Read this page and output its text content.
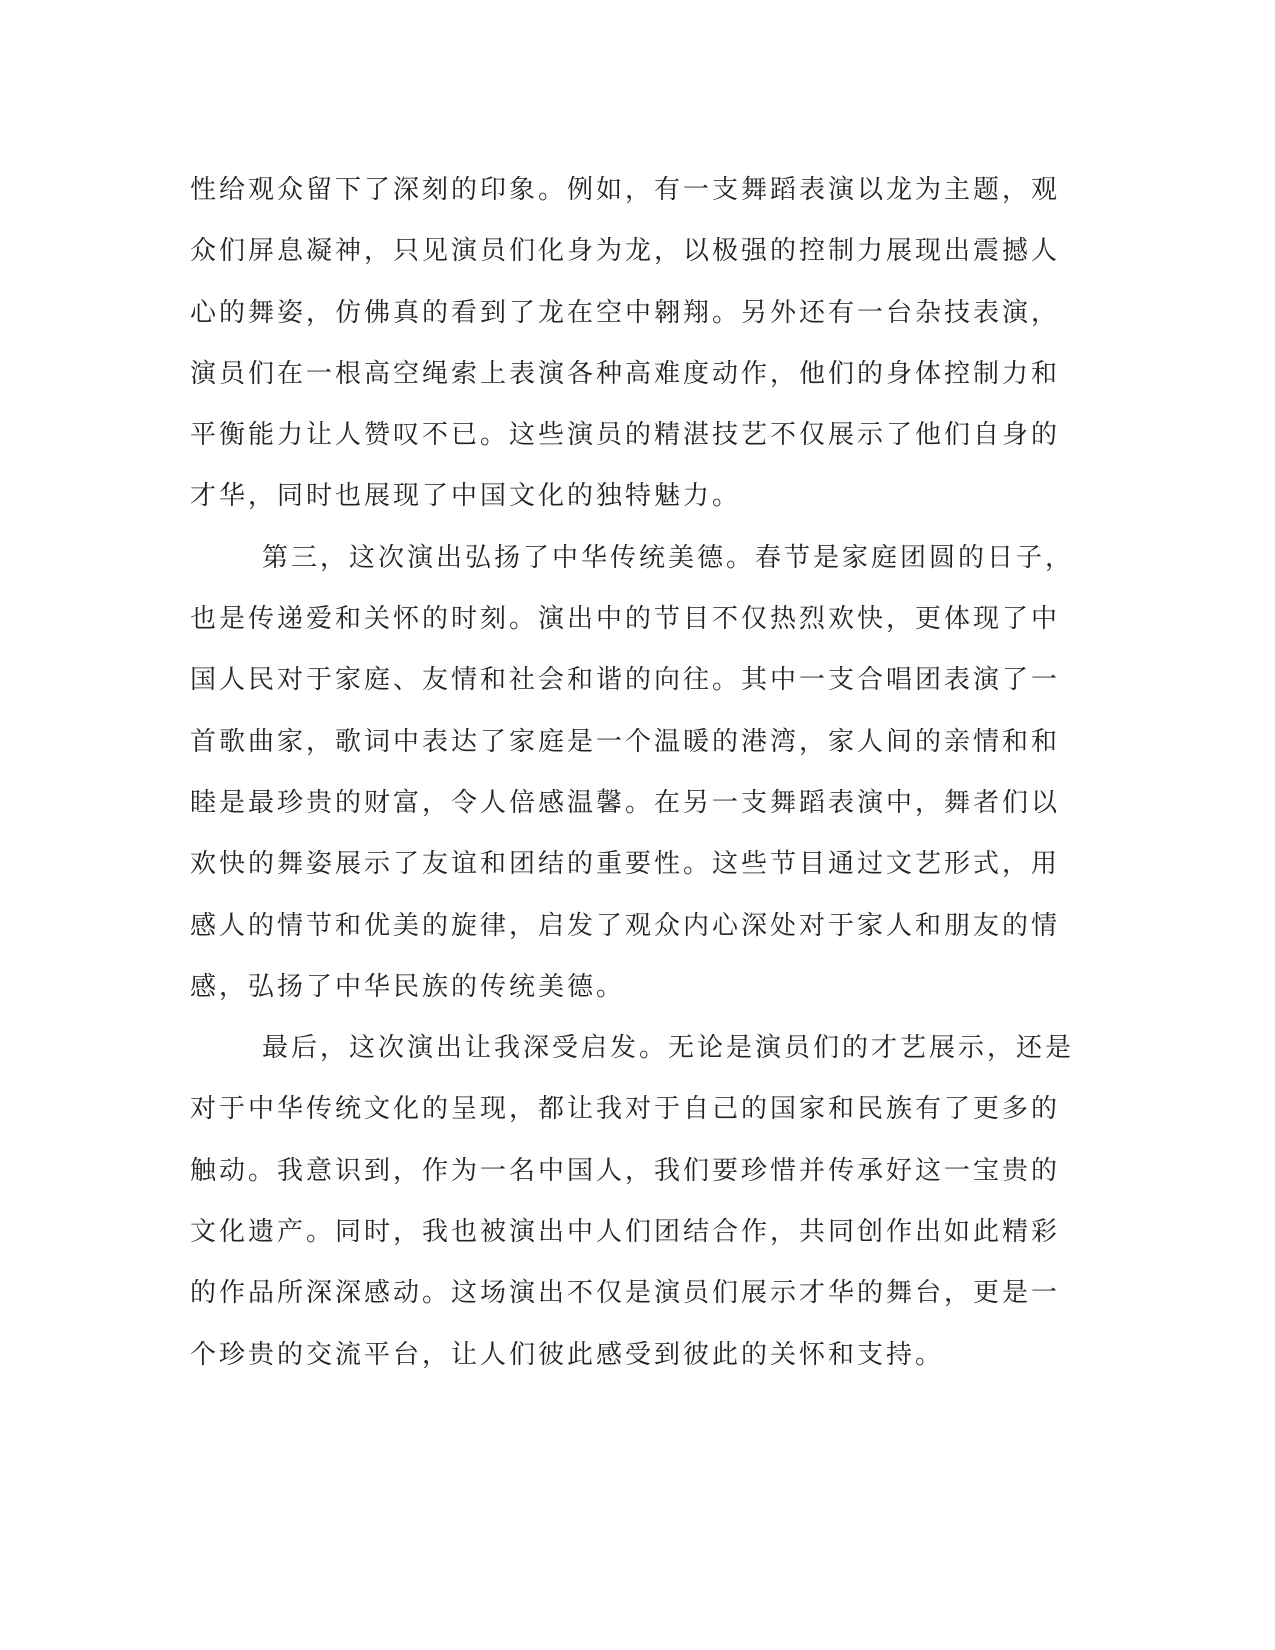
性给观众留下了深刻的印象。例如，有一支舞蹈表演以龙为主题，观
众们屏息凝神，只见演员们化身为龙，以极强的控制力展现出震撼人
心的舞姿，仿佛真的看到了龙在空中翱翔。另外还有一台杂技表演，
演员们在一根高空绳索上表演各种高难度动作，他们的身体控制力和
平衡能力让人赞叹不已。这些演员的精湛技艺不仅展示了他们自身的
才华，同时也展现了中国文化的独特魅力。
第三，这次演出弘扬了中华传统美德。春节是家庭团圆的日子，
也是传递爱和关怀的时刻。演出中的节目不仅热烈欢快，更体现了中
国人民对于家庭、友情和社会和谐的向往。其中一支合唱团表演了一
首歌曲家，歌词中表达了家庭是一个温暖的港湾，家人间的亲情和和
睦是最珍贵的财富，令人倍感温馨。在另一支舞蹈表演中，舞者们以
欢快的舞姿展示了友谊和团结的重要性。这些节目通过文艺形式，用
感人的情节和优美的旋律，启发了观众内心深处对于家人和朋友的情
感，弘扬了中华民族的传统美德。
最后，这次演出让我深受启发。无论是演员们的才艺展示，还是
对于中华传统文化的呈现，都让我对于自己的国家和民族有了更多的
触动。我意识到，作为一名中国人，我们要珍惜并传承好这一宝贵的
文化遗产。同时，我也被演出中人们团结合作，共同创作出如此精彩
的作品所深深感动。这场演出不仅是演员们展示才华的舞台，更是一
个珍贵的交流平台，让人们彼此感受到彼此的关怀和支持。
